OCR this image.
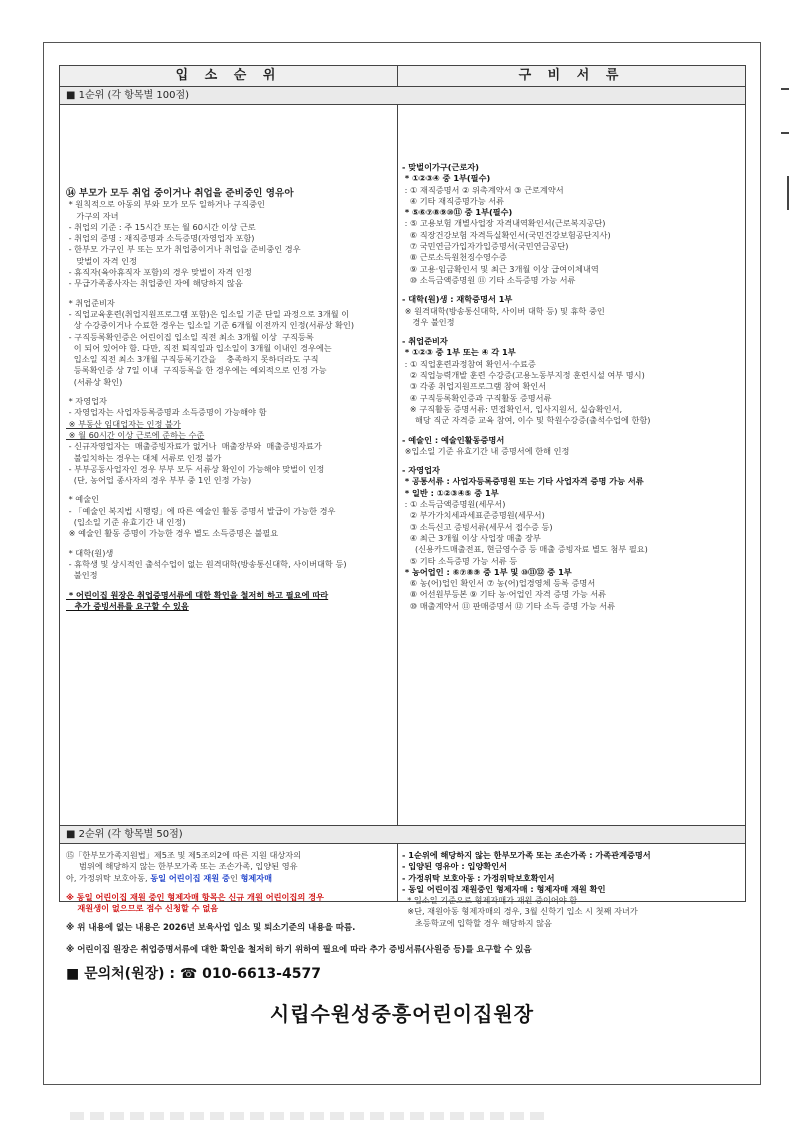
입 소 순 위	구 비 서 류
■ 1순위 (각 항목별 100점)

⑭ 부모가 모두 취업 중이거나 취업을 준비중인 영유아

* 원칙적으로 아동의 부와 모가 모두 일하거나 구직중인

가구의 자녀

- 취업의 기준 : 주 15시간 또는 월 60시간 이상 근로

- 취업의 증명 : 재직증명과 소득증명(자영업자 포함)

- 한부모 가구인 부 또는 모가 취업중이거나 취업을 준비중인 경우

맞벌이 자격 인정

- 휴직자(육아휴직자 포함)의 경우 맞벌이 자격 인정

- 무급가족종사자는 취업중인 자에 해당하지 않음

* 취업준비자

- 직업교육훈련(취업지원프로그램 포함)은 입소일 기준 단일 과정으로 3개월 이

상 수강중이거나 수료한 경우는 입소일 기준 6개월 이전까지 인정(서류상 확인)

- 구직등록확인증은 어린이집 입소일 직전 최소 3개월 이상  구직등록

이 되어 있어야 함. 다만, 직전 퇴직일과 입소일이 3개월 이내인 경우에는

입소일 직전 최소 3개월 구직등록기간을    충족하지 못하더라도 구직

등록확인증 상 7일 이내  구직등록을 한 경우에는 예외적으로 인정 가능

(서류상 확인)

* 자영업자

- 자영업자는 사업자등록증명과 소득증명이 가능해야 함

※ 부동산 임대업자는 인정 불가

※ 월 60시간 이상 근로에 준하는 수준

- 신규자영업자는  매출증빙자료가 없거나  매출장부와  매출증빙자료가

불일치하는 경우는 대체 서류로 인정 불가

- 부부공동사업자인 경우 부부 모두 서류상 확인이 가능해야 맞벌이 인정

(단, 농어업 종사자의 경우 부부 중 1인 인정 가능)

* 예술인

- 「예술인 복지법 시행령」에 따른 예술인 활동 증명서 발급이 가능한 경우

(입소일 기준 유효기간 내 인정)

※ 예술인 활동 증명이 가능한 경우 별도 소득증명은 불필요

* 대학(원)생

- 휴학생 및 상시적인 출석수업이 없는 원격대학(방송통신대학, 사이버대학 등)

불인정

* 어린이집 원장은 취업증명서류에 대한 확인을 철저히 하고 필요에 따라

추가 증빙서류를 요구할 수 있음

- 맞벌이가구(근로자)

* ①②③④ 중 1부(필수)

: ① 재직증명서 ② 위촉계약서 ③ 근로계약서

④ 기타 재직증명가능 서류

* ⑤⑥⑦⑧⑨⑩⑪ 중 1부(필수)

: ⑤ 고용보험 개별사업장 자격내역확인서(근로복지공단)

⑥ 직장건강보험 자격득실확인서(국민건강보험공단지사)

⑦ 국민연금가입자가입증명서(국민연금공단)

⑧ 근로소득원천징수영수증

⑨ 고용·임금확인서 및 최근 3개월 이상 급여이체내역

⑩ 소득금액증명원 ⑪ 기타 소득증명 가능 서류

- 대학(원)생 : 재학증명서 1부

※ 원격대학(방송통신대학, 사이버 대학 등) 및 휴학 중인

경우 불인정

- 취업준비자

* ①②③ 중 1부 또는 ④ 각 1부

: ① 직업훈련과정참여 확인서·수료증

② 직업능력개발 훈련 수강증(고용노동부지정 훈련시설 여부 명시)

③ 각종 취업지원프로그램 참여 확인서

④ 구직등록확인증과 구직활동 증명서류

※ 구직활동 증명서류: 면접확인서, 입사지원서, 실습확인서,

해당 직군 자격증 교육 참여, 이수 및 학원수강증(출석수업에 한함)

- 예술인 : 예술인활동증명서

※입소일 기준 유효기간 내 증명서에 한해 인정

- 자영업자

* 공통서류 : 사업자등록증명원 또는 기타 사업자격 증명 가능 서류

* 일반 : ①②③④⑤ 중 1부

: ① 소득금액증명원(세무서)

② 부가가치세과세표준증명원(세무서)

③ 소득신고 증빙서류(세무서 접수증 등)

④ 최근 3개월 이상 사업장 매출 장부

(신용카드매출전표, 현금영수증 등 매출 증빙자료 별도 첨부 필요)

⑤ 기타 소득증명 가능 서류 등

* 농어업인 : ⑥⑦⑧⑨ 중 1부 및 ⑩⑪⑫ 중 1부

⑥ 농(어)업인 확인서 ⑦ 농(어)업경영체 등록 증명서

⑧ 어선원부등본 ⑨ 기타 농·어업인 자격 증명 가능 서류

⑩ 매출계약서 ⑪ 판매증명서 ⑫ 기타 소득 증명 가능 서류

■ 2순위 (각 항목별 50점)

⑮「한부모가족지원법」제5조 및 제5조의2에 따른 지원 대상자의

범위에 해당하지 않는 한부모가족 또는 조손가족, 입양된 영유

아, 가정위탁 보호아동, 동일 어린이집 재원 중인 형제자매

※ 동일 어린이집 재원 중인 형제자매 항목은 신규 개원 어린이집의 경우

재원생이 없으므로 점수 신청할 수 없음

- 1순위에 해당하지 않는 한부모가족 또는 조손가족 : 가족관계증명서

- 입양된 영유아 : 입양확인서

- 가정위탁 보호아동 : 가정위탁보호확인서

- 동일 어린이집 재원중인 형제자매 : 형제자매 재원 확인

* 입소일 기준으로 형제자매가 재원 중이어야 함

※단, 재원아동 형제자매의 경우, 3월 신학기 입소 시 첫째 자녀가

초등학교에 입학할 경우 해당하지 않음

※ 위 내용에 없는 내용은 2026년 보육사업 입소 및 퇴소기준의 내용을 따름.
※ 어린이집 원장은 취업증명서류에 대한 확인을 철저히 하기 위하여 필요에 따라 추가 증빙서류(사원증 등)를 요구할 수 있음
■ 문의처(원장) : ☎ 010-6613-4577
시립수원성중흥어린이집원장
